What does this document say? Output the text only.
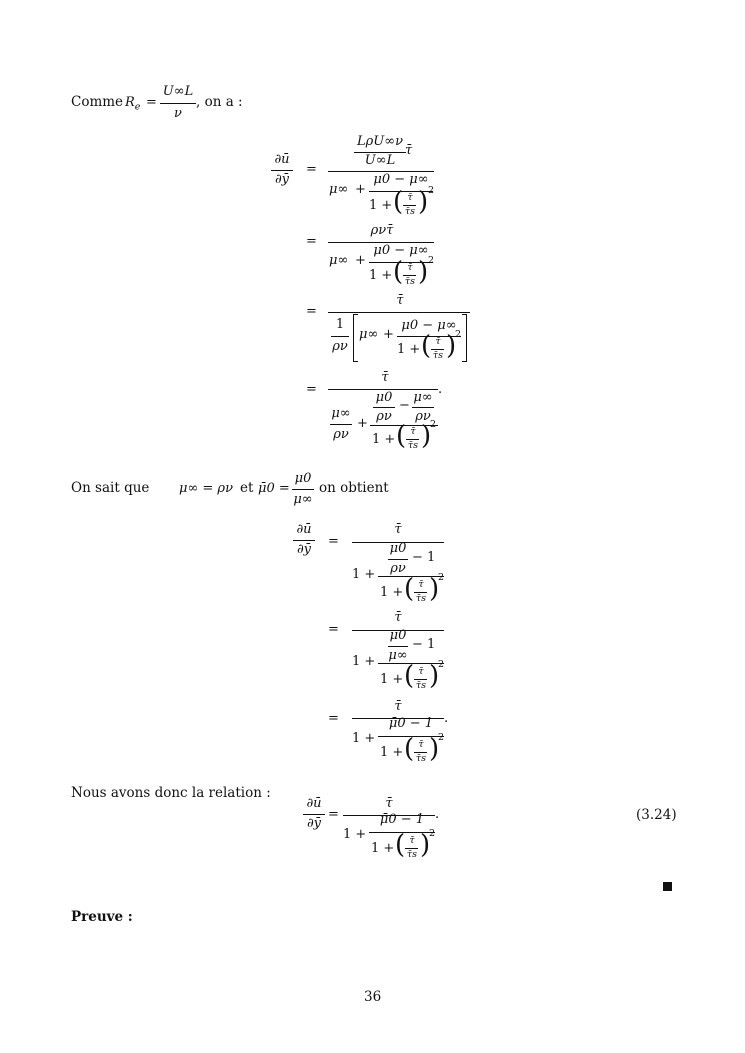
Comme $R_e$ =
U∞L
ν
, on a :
∂ū
∂ȳ
=
LρU∞ν
U∞L
τ̄
μ∞ +
μ0 − μ∞
1 + ( τ̄
τ̄s ) 2
=
ρντ̄
μ∞ +
μ0 − μ∞
1 + ( τ̄
τ̄s ) 2
=
τ̄
1
ρν
μ∞ +
μ0 − μ∞
1 + ( τ̄
τ̄s )
2
=
τ̄
.
μ∞
ρν
+
μ0
ρν
−
μ∞
ρν
1 + ( τ̄
τ̄s )
2
On sait que μ∞ = ρν et μ̄0 =
μ0
μ∞
on obtient
∂ū
∂ȳ
=
τ̄
1 +
μ0
ρν
− 1
1 + ( τ̄
τ̄s )
2
=
τ̄
1 +
μ0
μ∞
− 1
1 + ( τ̄
τ̄s )
2
=
τ̄
.
1 +
μ̄0 − 1
1 + ( τ̄
τ̄s )
2
Nous avons donc la relation :
∂ū
∂ȳ
=
τ̄
.
1 +
μ̄0 − 1
1 + ( τ̄
τ̄s )
2
(3.24)
Preuve :
36
